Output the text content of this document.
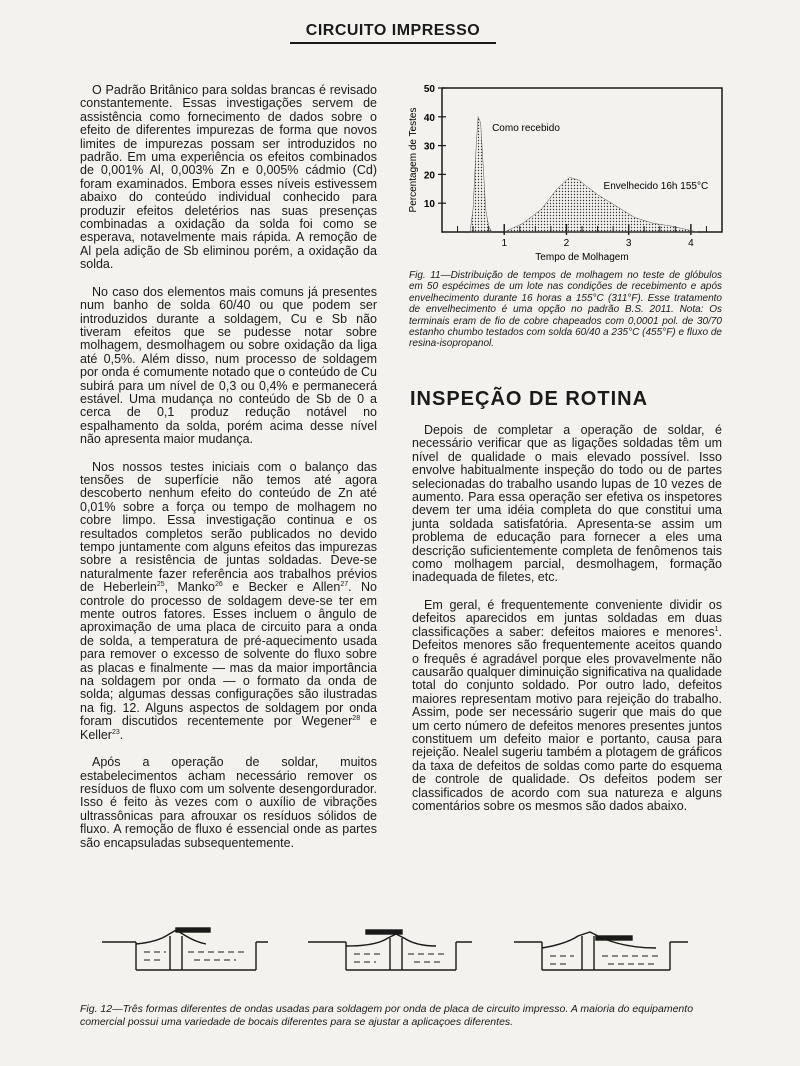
CIRCUITO IMPRESSO

O Padrão Britânico para soldas brancas é revisado constantemente. Essas investigações servem de assistência como fornecimento de dados sobre o efeito de diferentes impurezas de forma que novos limites de impurezas possam ser introduzidos no padrão. Em uma experiência os efeitos combinados de 0,001% Al, 0,003% Zn e 0,005% cádmio (Cd) foram examinados. Embora esses níveis estivessem abaixo do conteúdo individual conhecido para produzir efeitos deletérios nas suas presenças combinadas a oxidação da solda foi como se esperava, notavelmente mais rápida. A remoção de Al pela adição de Sb eliminou porém, a oxidação da solda.

No caso dos elementos mais comuns já presentes num banho de solda 60/40 ou que podem ser introduzidos durante a soldagem, Cu e Sb não tiveram efeitos que se pudesse notar sobre molhagem, desmolhagem ou sobre oxidação da liga até 0,5%. Além disso, num processo de soldagem por onda é comumente notado que o conteúdo de Cu subirá para um nível de 0,3 ou 0,4% e permanecerá estável. Uma mudança no conteúdo de Sb de 0 a cerca de 0,1 produz redução notável no espalhamento da solda, porém acima desse nível não apresenta maior mudança.

Nos nossos testes iniciais com o balanço das tensões de superfície não temos até agora descoberto nenhum efeito do conteúdo de Zn até 0,01% sobre a força ou tempo de molhagem no cobre limpo. Essa investigação continua e os resultados completos serão publicados no devido tempo juntamente com alguns efeitos das impurezas sobre a resistência de juntas soldadas. Deve-se naturalmente fazer referência aos trabalhos prévios de Heberlein$^{25}$, Manko$^{26}$ e Becker e Allen$^{27}$. No controle do processo de soldagem deve-se ter em mente outros fatores. Esses incluem o ângulo de aproximação de uma placa de circuito para a onda de solda, a temperatura de pré-aquecimento usada para remover o excesso de solvente do fluxo sobre as placas e finalmente — mas da maior importância na soldagem por onda — o formato da onda de solda; algumas dessas configurações são ilustradas na fig. 12. Alguns aspectos de soldagem por onda foram discutidos recentemente por Wegener$^{28}$ e Keller$^{23}$.

Após a operação de soldar, muitos estabelecimentos acham necessário remover os resíduos de fluxo com um solvente desengordurador. Isso é feito às vezes com o auxílio de vibrações ultrassônicas para afrouxar os resíduos sólidos de fluxo. A remoção de fluxo é essencial onde as partes são encapsuladas subsequentemente.

10
20
30
40
50
1	2	3	4
Como recebido
Envelhecido 16h 155°C
Tempo de Molhagem
Percentagem de Testes
Fig. 11—Distribuição de tempos de molhagem no teste de glóbulos em 50 espécimes de um lote nas condições de recebimento e após envelhecimento durante 16 horas a 155°C (311°F). Esse tratamento de envelhecimento é uma opção no padrão B.S. 2011. Nota: Os terminais eram de fio de cobre chapeados com 0,0001 pol. de 30/70 estanho chumbo testados com solda 60/40 a 235°C (455°F) e fluxo de resina-isopropanol.
INSPEÇÃO DE ROTINA

Depois de completar a operação de soldar, é necessário verificar que as ligações soldadas têm um nível de qualidade o mais elevado possível. Isso envolve habitualmente inspeção do todo ou de partes selecionadas do trabalho usando lupas de 10 vezes de aumento. Para essa operação ser efetiva os inspetores devem ter uma idéia completa do que constitui uma junta soldada satisfatória. Apresenta-se assim um problema de educação para fornecer a eles uma descrição suficientemente completa de fenômenos tais como molhagem parcial, desmolhagem, formação inadequada de filetes, etc.

Em geral, é frequentemente conveniente dividir os defeitos aparecidos em juntas soldadas em duas classificações a saber: defeitos maiores e menores$^1$. Defeitos menores são frequentemente aceitos quando o frequês é agradável porque eles provavelmente não causarão qualquer diminuição significativa na qualidade total do conjunto soldado. Por outro lado, defeitos maiores representam motivo para rejeição do trabalho. Assim, pode ser necessário sugerir que mais do que um certo número de defeitos menores presentes juntos constituem um defeito maior e portanto, causa para rejeição. Nealel sugeriu também a plotagem de gráficos da taxa de defeitos de soldas como parte do esquema de controle de qualidade. Os defeitos podem ser classificados de acordo com sua natureza e alguns comentários sobre os mesmos são dados abaixo.

Fig. 12—Três formas diferentes de ondas usadas para soldagem por onda de placa de circuito impresso. A maioria do equipamento comercial possui uma variedade de bocais diferentes para se ajustar a aplicaçoes diferentes.
